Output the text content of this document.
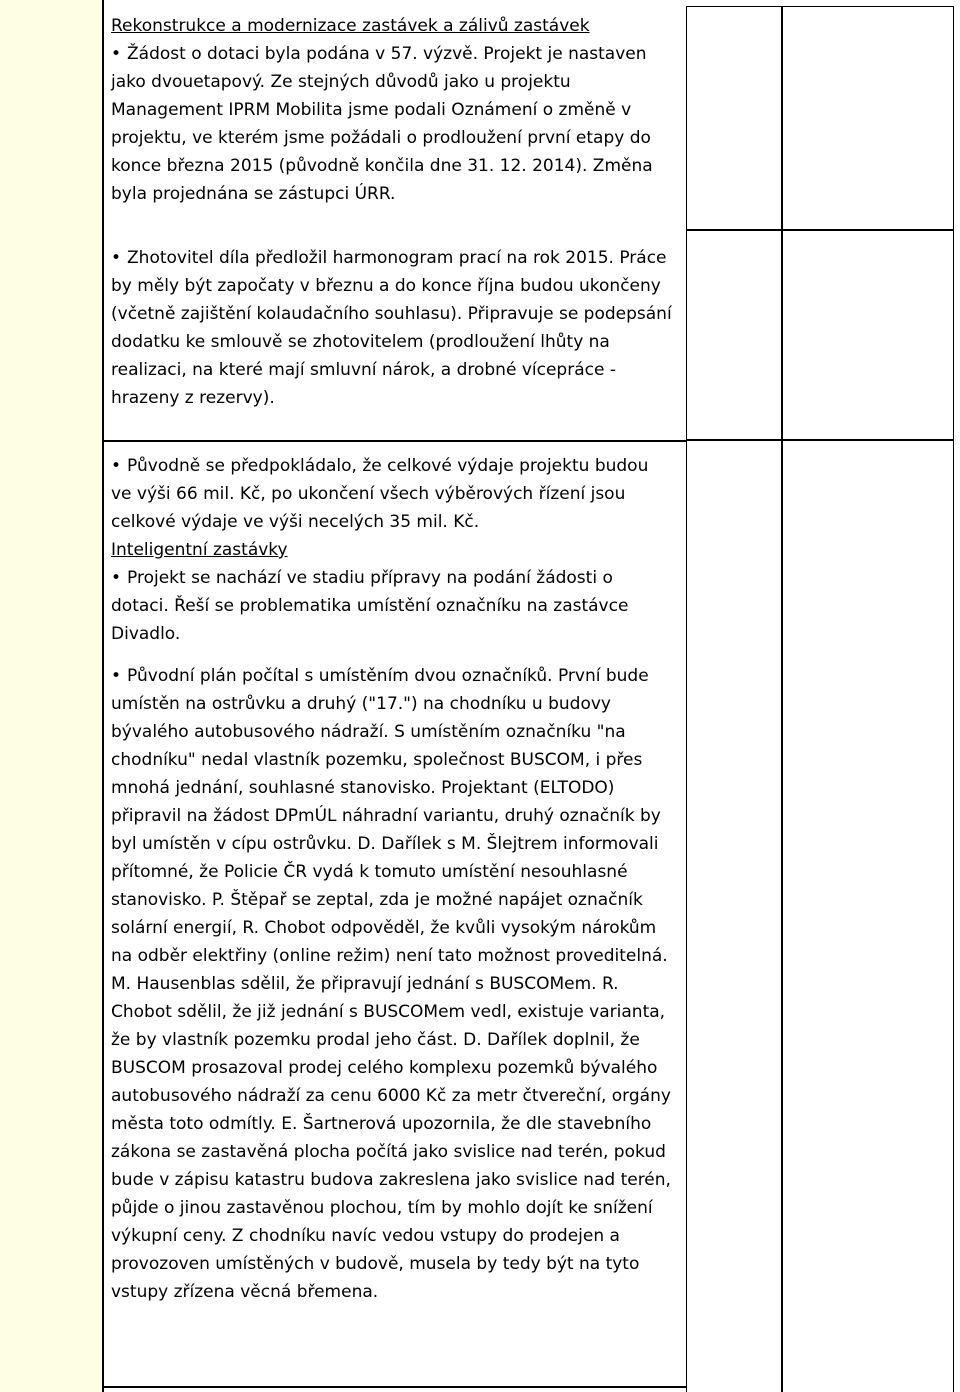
Rekonstrukce a modernizace zastávek a zálivů zastávek
• Žádost o dotaci byla podána v 57. výzvě. Projekt je nastaven jako dvouetapový. Ze stejných důvodů jako u projektu Management IPRM Mobilita jsme podali Oznámení o změně v projektu, ve kterém jsme požádali o prodloužení první etapy do konce března 2015 (původně končila dne 31. 12. 2014). Změna byla projednána se zástupci ÚRR.
• Zhotovitel díla předložil harmonogram prací na rok 2015. Práce by měly být započaty v březnu a do konce října budou ukončeny (včetně zajištění kolaudačního souhlasu). Připravuje se podepsání dodatku ke smlouvě se zhotovitelem (prodloužení lhůty na realizaci, na které mají smluvní nárok, a drobné vícepráce - hrazeny z rezervy).
• Původně se předpokládalo, že celkové výdaje projektu budou ve výši 66 mil. Kč, po ukončení všech výběrových řízení jsou celkové výdaje ve výši necelých 35 mil. Kč.
Inteligentní zastávky
• Projekt se nachází ve stadiu přípravy na podání žádosti o dotaci. Řeší se problematika umístění označníku na zastávce Divadlo.
• Původní plán počítal s umístěním dvou označníků. První bude umístěn na ostrůvku a druhý ("17.") na chodníku u budovy bývalého autobusového nádraží. S umístěním označníku "na chodníku" nedal vlastník pozemku, společnost BUSCOM, i přes mnohá jednání, souhlasné stanovisko. Projektant (ELTODO) připravil na žádost DPmÚL náhradní variantu, druhý označník by byl umístěn v cípu ostrůvku. D. Dařílek s M. Šlejtrem informovali přítomné, že Policie ČR vydá k tomuto umístění nesouhlasné stanovisko. P. Štěpař se zeptal, zda je možné napájet označník solární energií, R. Chobot odpověděl, že kvůli vysokým nárokům na odběr elektřiny (online režim) není tato možnost proveditelná. M. Hausenblas sdělil, že připravují jednání s BUSCOMem. R. Chobot sdělil, že již jednání s BUSCOMem vedl, existuje varianta, že by vlastník pozemku prodal jeho část. D. Dařílek doplnil, že BUSCOM prosazoval prodej celého komplexu pozemků bývalého autobusového nádraží za cenu 6000 Kč za metr čtvereční, orgány města toto odmítly. E. Šartnerová upozornila, že dle stavebního zákona se zastavěná plocha počítá jako svislice nad terén, pokud bude v zápisu katastru budova zakreslena jako svislice nad terén, půjde o jinou zastavěnou plochou, tím by mohlo dojít ke snížení výkupní ceny. Z chodníku navíc vedou vstupy do prodejen a provozoven umístěných v budově, musela by tedy být na tyto vstupy zřízena věcná břemena.
